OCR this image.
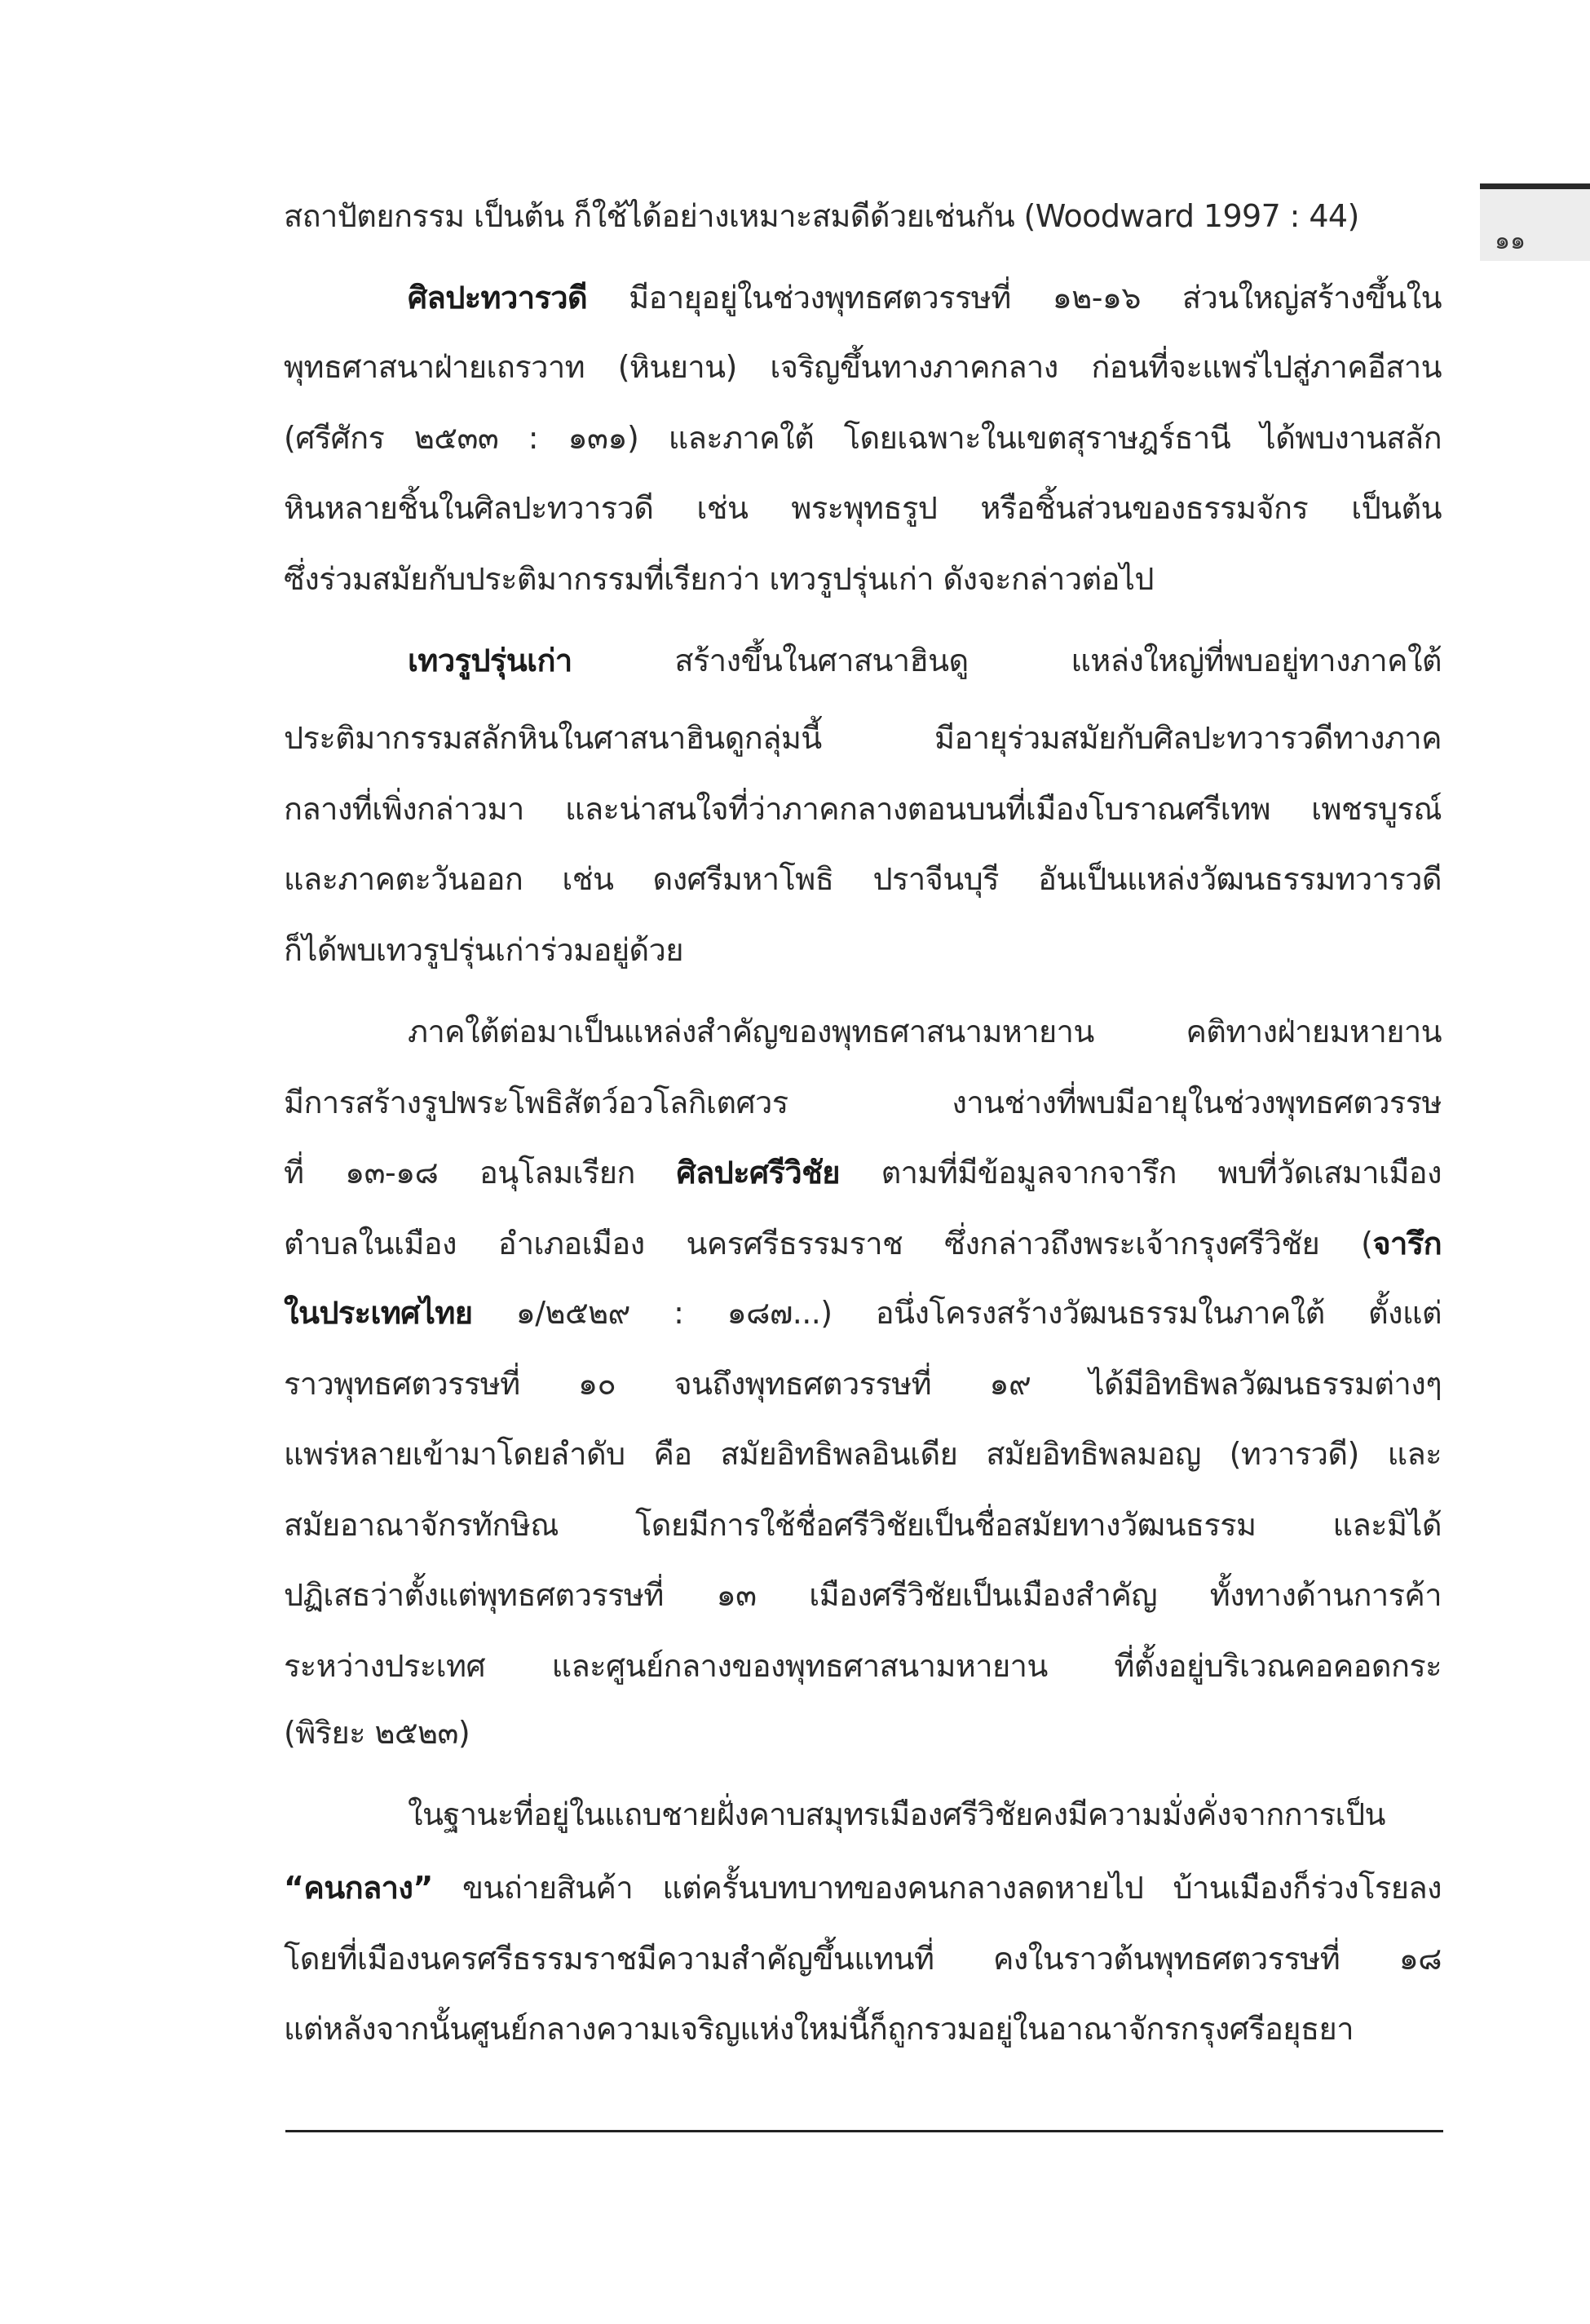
๑๑
สถาปัตยกรรม เป็นต้น ก็ใช้ได้อย่างเหมาะสมดีด้วยเช่นกัน (Woodward 1997 : 44)
ศิลปะทวารวดี มีอายุอยู่ในช่วงพุทธศตวรรษที่ ๑๒-๑๖ ส่วนใหญ่สร้างขึ้นใน
พุทธศาสนาฝ่ายเถรวาท (หินยาน) เจริญขึ้นทางภาคกลาง ก่อนที่จะแพร่ไปสู่ภาคอีสาน
(ศรีศักร ๒๕๓๓ : ๑๓๑) และภาคใต้ โดยเฉพาะในเขตสุราษฎร์ธานี ได้พบงานสลัก
หินหลายชิ้นในศิลปะทวารวดี เช่น พระพุทธรูป หรือชิ้นส่วนของธรรมจักร เป็นต้น
ซึ่งร่วมสมัยกับประติมากรรมที่เรียกว่า เทวรูปรุ่นเก่า ดังจะกล่าวต่อไป
เทวรูปรุ่นเก่า สร้างขึ้นในศาสนาฮินดู แหล่งใหญ่ที่พบอยู่ทางภาคใต้
ประติมากรรมสลักหินในศาสนาฮินดูกลุ่มนี้ มีอายุร่วมสมัยกับศิลปะทวารวดีทางภาค
กลางที่เพิ่งกล่าวมา และน่าสนใจที่ว่าภาคกลางตอนบนที่เมืองโบราณศรีเทพ เพชรบูรณ์
และภาคตะวันออก เช่น ดงศรีมหาโพธิ ปราจีนบุรี อันเป็นแหล่งวัฒนธรรมทวารวดี
ก็ได้พบเทวรูปรุ่นเก่าร่วมอยู่ด้วย
ภาคใต้ต่อมาเป็นแหล่งสำคัญของพุทธศาสนามหายาน คติทางฝ่ายมหายาน
มีการสร้างรูปพระโพธิสัตว์อวโลกิเตศวร งานช่างที่พบมีอายุในช่วงพุทธศตวรรษ
ที่ ๑๓-๑๘ อนุโลมเรียก ศิลปะศรีวิชัย ตามที่มีข้อมูลจากจารึก พบที่วัดเสมาเมือง
ตำบลในเมือง อำเภอเมือง นครศรีธรรมราช ซึ่งกล่าวถึงพระเจ้ากรุงศรีวิชัย (จารึก
ในประเทศไทย ๑/๒๕๒๙ : ๑๘๗...) อนึ่งโครงสร้างวัฒนธรรมในภาคใต้ ตั้งแต่
ราวพุทธศตวรรษที่ ๑๐ จนถึงพุทธศตวรรษที่ ๑๙ ได้มีอิทธิพลวัฒนธรรมต่างๆ
แพร่หลายเข้ามาโดยลำดับ คือ สมัยอิทธิพลอินเดีย สมัยอิทธิพลมอญ (ทวารวดี) และ
สมัยอาณาจักรทักษิณ โดยมีการใช้ชื่อศรีวิชัยเป็นชื่อสมัยทางวัฒนธรรม และมิได้
ปฏิเสธว่าตั้งแต่พุทธศตวรรษที่ ๑๓ เมืองศรีวิชัยเป็นเมืองสำคัญ ทั้งทางด้านการค้า
ระหว่างประเทศ และศูนย์กลางของพุทธศาสนามหายาน ที่ตั้งอยู่บริเวณคอคอดกระ
(พิริยะ ๒๕๒๓)
ในฐานะที่อยู่ในแถบชายฝั่งคาบสมุทรเมืองศรีวิชัยคงมีความมั่งคั่งจากการเป็น
“คนกลาง” ขนถ่ายสินค้า แต่ครั้นบทบาทของคนกลางลดหายไป บ้านเมืองก็ร่วงโรยลง
โดยที่เมืองนครศรีธรรมราชมีความสำคัญขึ้นแทนที่ คงในราวต้นพุทธศตวรรษที่ ๑๘
แต่หลังจากนั้นศูนย์กลางความเจริญแห่งใหม่นี้ก็ถูกรวมอยู่ในอาณาจักรกรุงศรีอยุธยา
